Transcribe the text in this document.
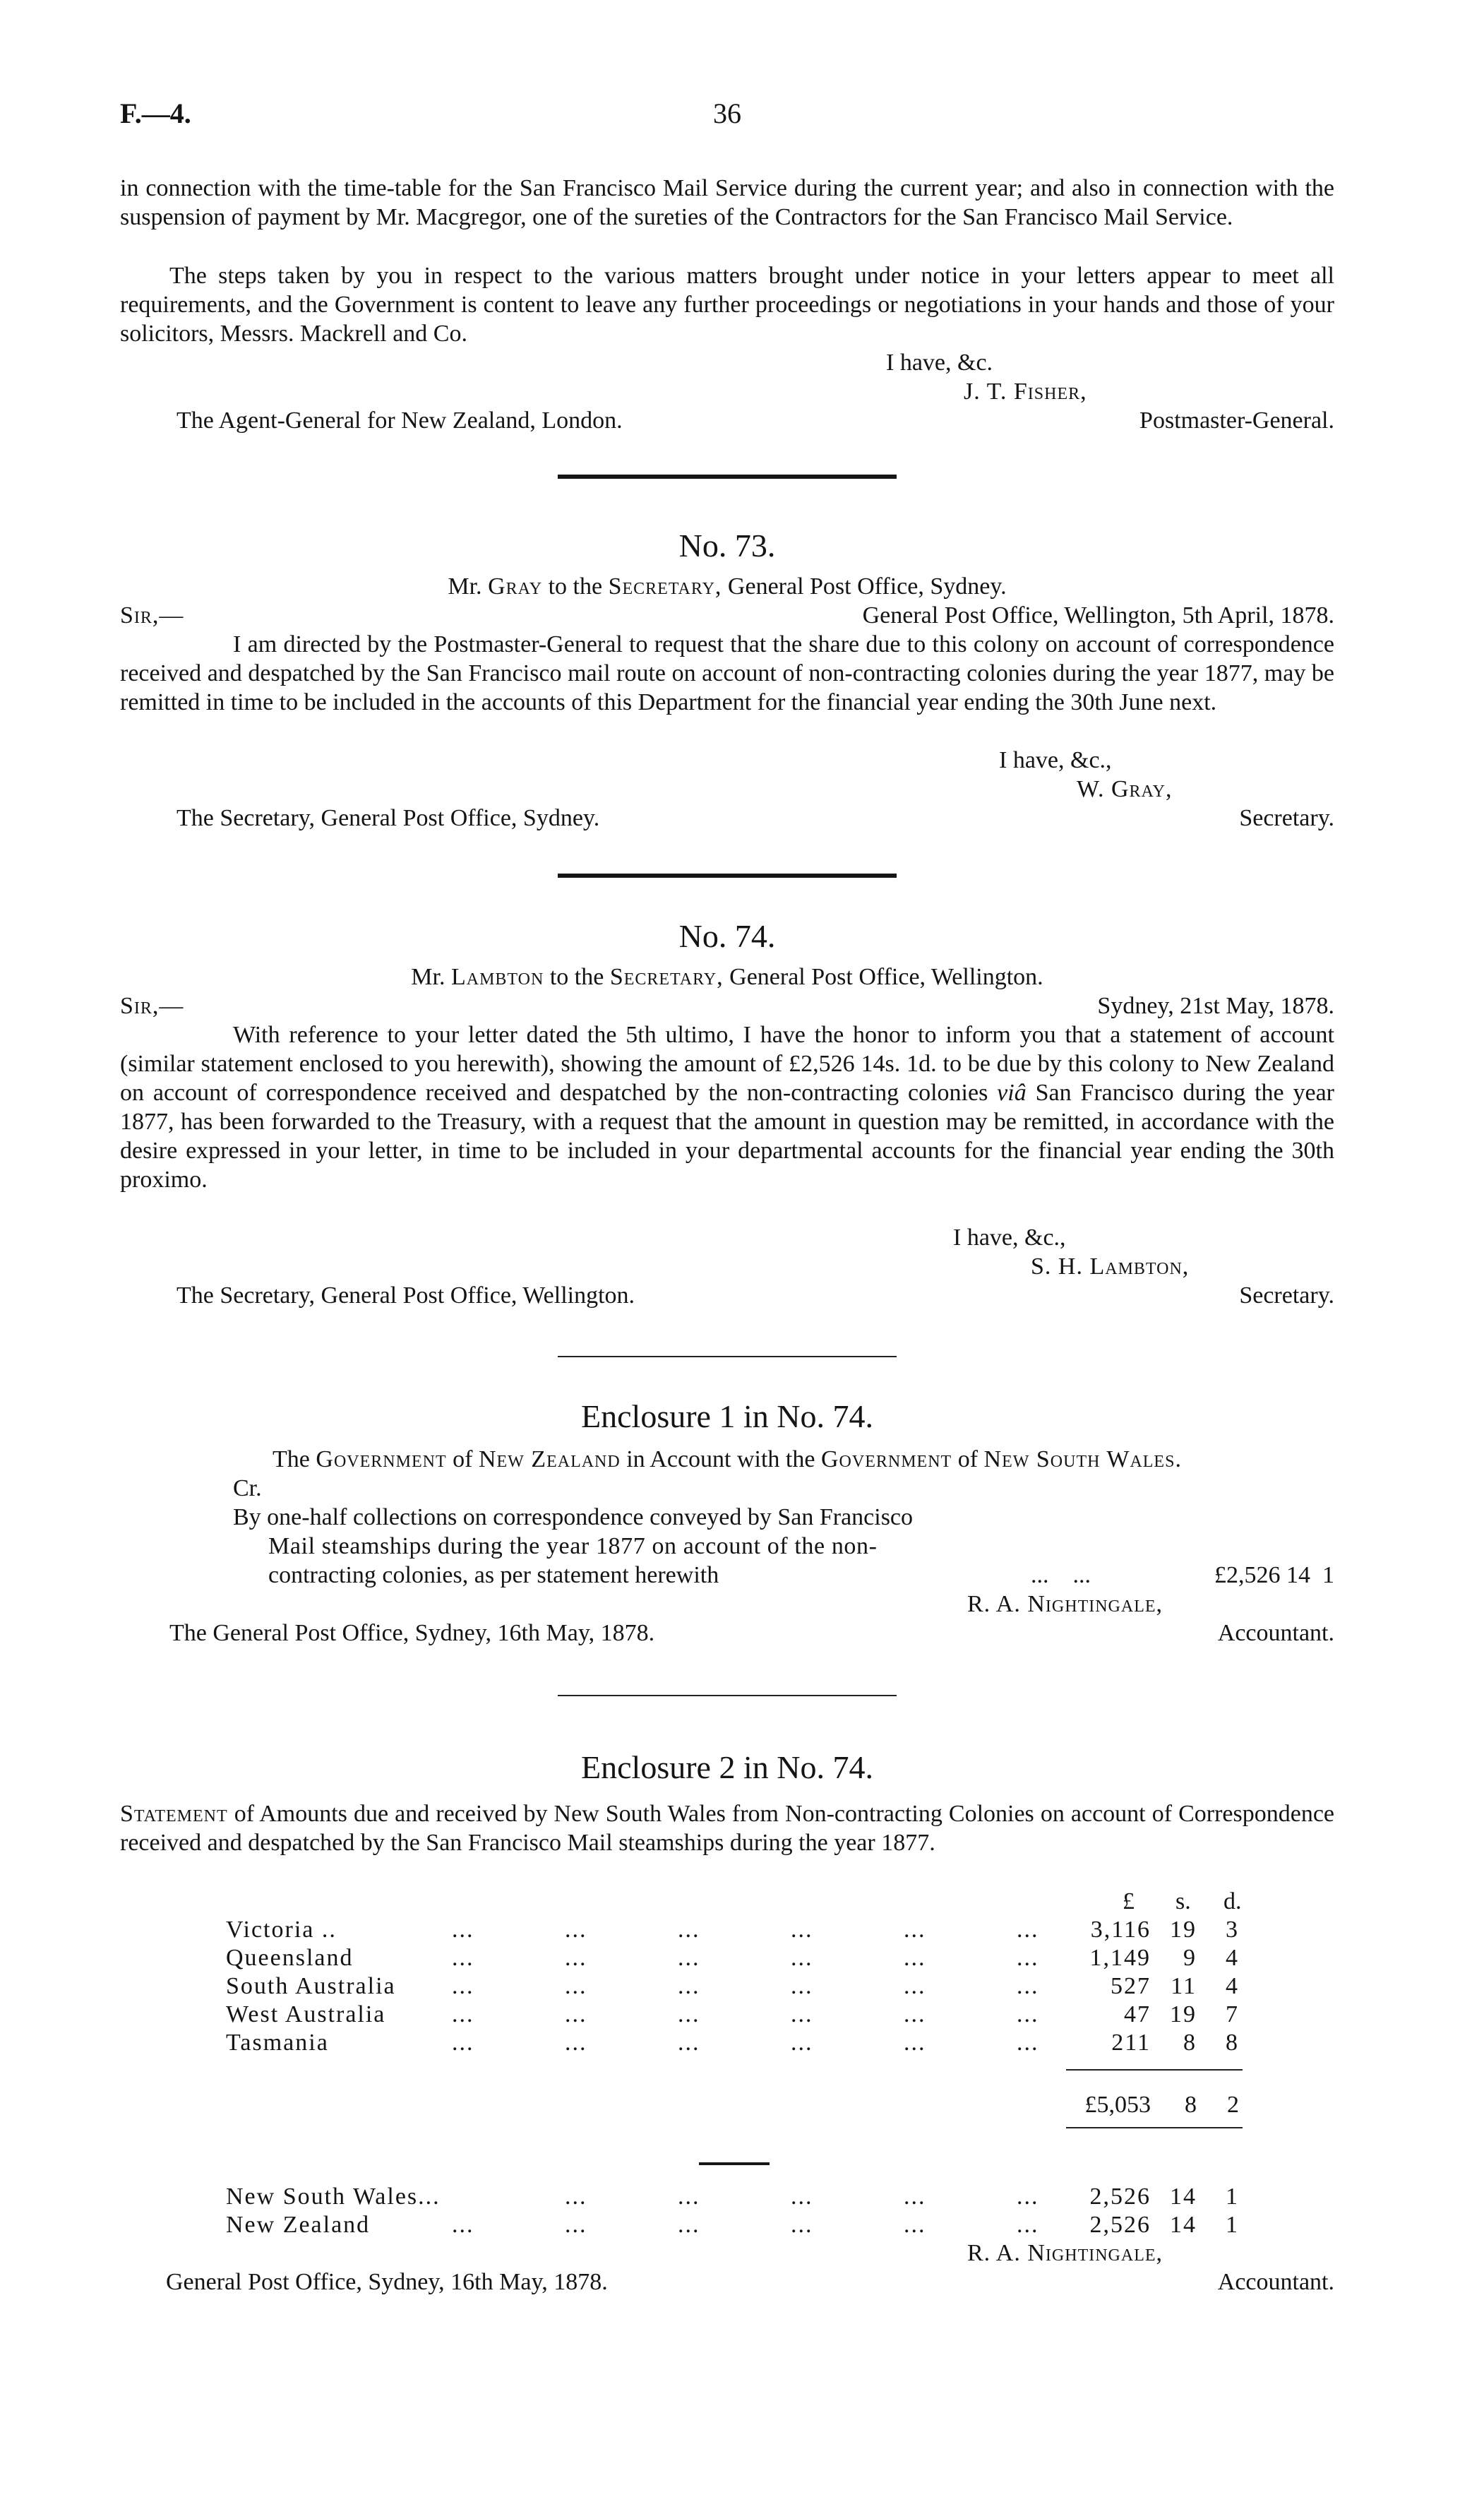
F.—4.	36
in connection with the time-table for the San Francisco Mail Service during the current year; and also in connection with the suspension of payment by Mr. Macgregor, one of the sureties of the Contractors for the San Francisco Mail Service.
The steps taken by you in respect to the various matters brought under notice in your letters appear to meet all requirements, and the Government is content to leave any further proceedings or negotiations in your hands and those of your solicitors, Messrs. Mackrell and Co.
I have, &c.
J. T. Fisher,
The Agent-General for New Zealand, London.	Postmaster-General.
No. 73.
Mr. Gray to the Secretary, General Post Office, Sydney.
Sir,—	General Post Office, Wellington, 5th April, 1878.
I am directed by the Postmaster-General to request that the share due to this colony on account of correspondence received and despatched by the San Francisco mail route on account of non-contracting colonies during the year 1877, may be remitted in time to be included in the accounts of this Department for the financial year ending the 30th June next.
I have, &c.,
W. Gray,
The Secretary, General Post Office, Sydney.	Secretary.
No. 74.
Mr. Lambton to the Secretary, General Post Office, Wellington.
Sir,—	Sydney, 21st May, 1878.
With reference to your letter dated the 5th ultimo, I have the honor to inform you that a statement of account (similar statement enclosed to you herewith), showing the amount of £2,526 14s. 1d. to be due by this colony to New Zealand on account of correspondence received and despatched by the non-contracting colonies viâ San Francisco during the year 1877, has been forwarded to the Treasury, with a request that the amount in question may be remitted, in accordance with the desire expressed in your letter, in time to be included in your departmental accounts for the financial year ending the 30th proximo.
I have, &c.,
S. H. Lambton,
The Secretary, General Post Office, Wellington.	Secretary.
Enclosure 1 in No. 74.
The Government of New Zealand in Account with the Government of New South Wales.
Cr.
By one-half collections on correspondence conveyed by San Francisco
Mail steamships during the year 1877 on account of the non-
contracting colonies, as per statement herewith	...    ...	£2,526 14  1
R. A. Nightingale,
The General Post Office, Sydney, 16th May, 1878.	Accountant.
Enclosure 2 in No. 74.
Statement of Amounts due and received by New South Wales from Non-contracting Colonies on account of Correspondence received and despatched by the San Francisco Mail steamships during the year 1877.
£ s. d.
Victoria ..	...	...	...	...	...	...	3,116 19	3
Queensland	...	...	...	...	...	...	1,149	9	4
South Australia ...	...	...	...	...	...	527 11	4
West Australia	...	...	...	...	...	...	47 19	7
Tasmania	...	...	...	...	...	...	211	8	8
£5,053	8	2
New South Wales...	...	...	...	...	...	2,526 14	1
New Zealand	...	...	...	...	...	...	2,526 14	1
R. A. Nightingale,
General Post Office, Sydney, 16th May, 1878.	Accountant.
